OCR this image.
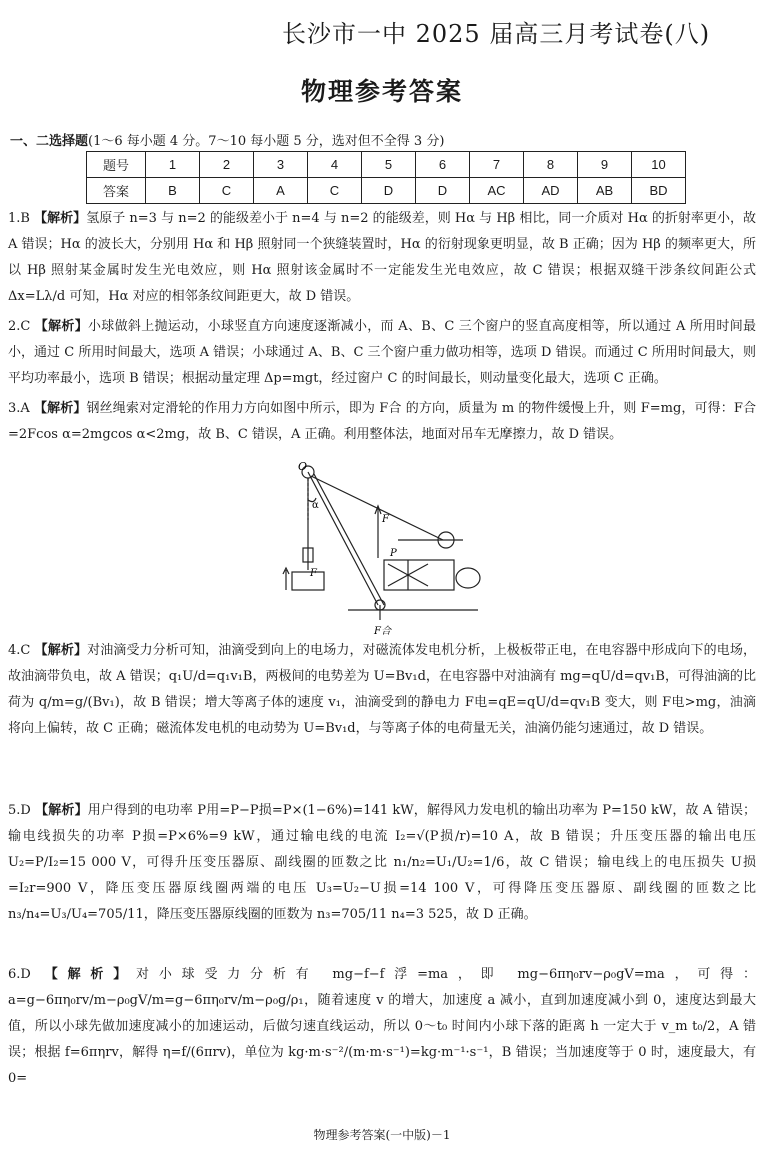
长沙市一中 2025 届高三月考试卷(八)
物理参考答案
一、二选择题(1～6 每小题 4 分。7～10 每小题 5 分，选对但不全得 3 分)
题号	1	2	3	4	5	6	7	8	9	10
答案	B	C	A	C	D	D	AC	AD	AB	BD
1.B 【解析】氢原子 n=3 与 n=2 的能级差小于 n=4 与 n=2 的能级差，则 Hα 与 Hβ 相比，同一介质对 Hα 的折射率更小，故 A 错误；Hα 的波长大，分别用 Hα 和 Hβ 照射同一个狭缝装置时，Hα 的衍射现象更明显，故 B 正确；因为 Hβ 的频率更大，所以 Hβ 照射某金属时发生光电效应，则 Hα 照射该金属时不一定能发生光电效应，故 C 错误；根据双缝干涉条纹间距公式 Δx=Lλ/d 可知，Hα 对应的相邻条纹间距更大，故 D 错误。
2.C 【解析】小球做斜上抛运动，小球竖直方向速度逐渐减小，而 A、B、C 三个窗户的竖直高度相等，所以通过 A 所用时间最小，通过 C 所用时间最大，选项 A 错误；小球通过 A、B、C 三个窗户重力做功相等，选项 D 错误。而通过 C 所用时间最大，则平均功率最小，选项 B 错误；根据动量定理 Δp=mgt，经过窗户 C 的时间最长，则动量变化最大，选项 C 正确。
3.A 【解析】钢丝绳索对定滑轮的作用力方向如图中所示，即为 F合 的方向，质量为 m 的物件缓慢上升，则 F=mg，可得：F合=2Fcos α=2mgcos α<2mg，故 B、C 错误，A 正确。利用整体法，地面对吊车无摩擦力，故 D 错误。
O
α
F
F
P
F合
4.C 【解析】对油滴受力分析可知，油滴受到向上的电场力，对磁流体发电机分析，上极板带正电，在电容器中形成向下的电场，故油滴带负电，故 A 错误；q₁U/d=q₁v₁B，两极间的电势差为 U=Bv₁d，在电容器中对油滴有 mg=qU/d=qv₁B，可得油滴的比荷为 q/m=g/(Bv₁)，故 B 错误；增大等离子体的速度 v₁，油滴受到的静电力 F电=qE=qU/d=qv₁B 变大，则 F电>mg，油滴将向上偏转，故 C 正确；磁流体发电机的电动势为 U=Bv₁d，与等离子体的电荷量无关，油滴仍能匀速通过，故 D 错误。
5.D 【解析】用户得到的电功率 P用=P−P损=P×(1−6%)=141 kW，解得风力发电机的输出功率为 P=150 kW，故 A 错误；输电线损失的功率 P损=P×6%=9 kW，通过输电线的电流 I₂=√(P损/r)=10 A，故 B 错误；升压变压器的输出电压 U₂=P/I₂=15 000 V，可得升压变压器原、副线圈的匝数之比 n₁/n₂=U₁/U₂=1/6，故 C 错误；输电线上的电压损失 U损=I₂r=900 V，降压变压器原线圈两端的电压 U₃=U₂−U损=14 100 V，可得降压变压器原、副线圈的匝数之比 n₃/n₄=U₃/U₄=705/11，降压变压器原线圈的匝数为 n₃=705/11 n₄=3 525，故 D 正确。
6.D 【解析】对小球受力分析有 mg−f−f浮=ma，即 mg−6πη₀rv−ρ₀gV=ma，可得：a=g−6πη₀rv/m−ρ₀gV/m=g−6πη₀rv/m−ρ₀g/ρ₁，随着速度 v 的增大，加速度 a 减小，直到加速度减小到 0，速度达到最大值，所以小球先做加速度减小的加速运动，后做匀速直线运动，所以 0～t₀ 时间内小球下落的距离 h 一定大于 v_m t₀/2，A 错误；根据 f=6πηrv，解得 η=f/(6πrv)，单位为 kg·m·s⁻²/(m·m·s⁻¹)=kg·m⁻¹·s⁻¹，B 错误；当加速度等于 0 时，速度最大，有 0=
物理参考答案(一中版)－1
